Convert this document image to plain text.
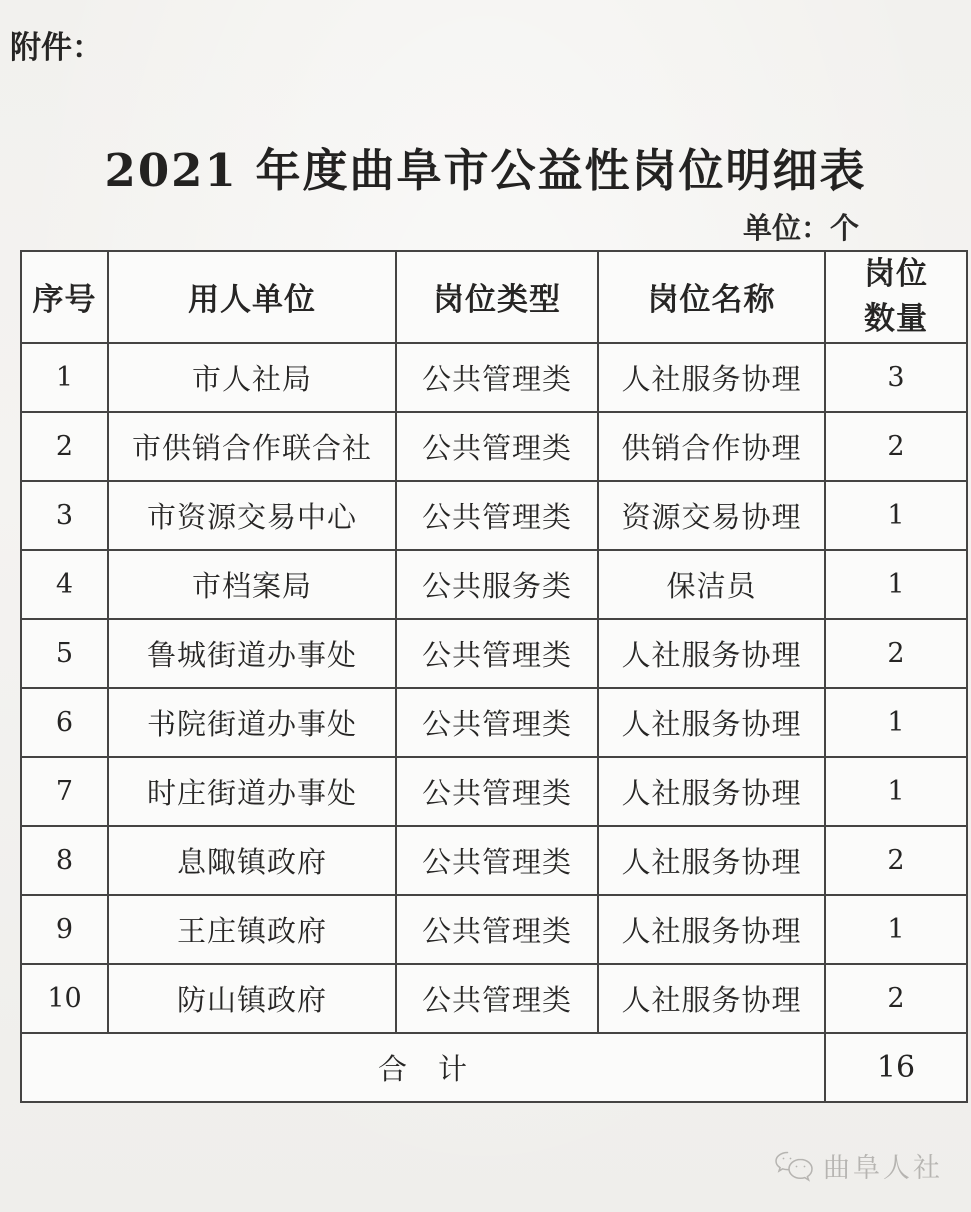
附件：
2021 年度曲阜市公益性岗位明细表
单位：个
序号	用人单位	岗位类型	岗位名称	岗位数量
1	市人社局	公共管理类	人社服务协理	3
2	市供销合作联合社	公共管理类	供销合作协理	2
3	市资源交易中心	公共管理类	资源交易协理	1
4	市档案局	公共服务类	保洁员	1
5	鲁城街道办事处	公共管理类	人社服务协理	2
6	书院街道办事处	公共管理类	人社服务协理	1
7	时庄街道办事处	公共管理类	人社服务协理	1
8	息陬镇政府	公共管理类	人社服务协理	2
9	王庄镇政府	公共管理类	人社服务协理	1
10	防山镇政府	公共管理类	人社服务协理	2
合　计				16
曲阜人社
